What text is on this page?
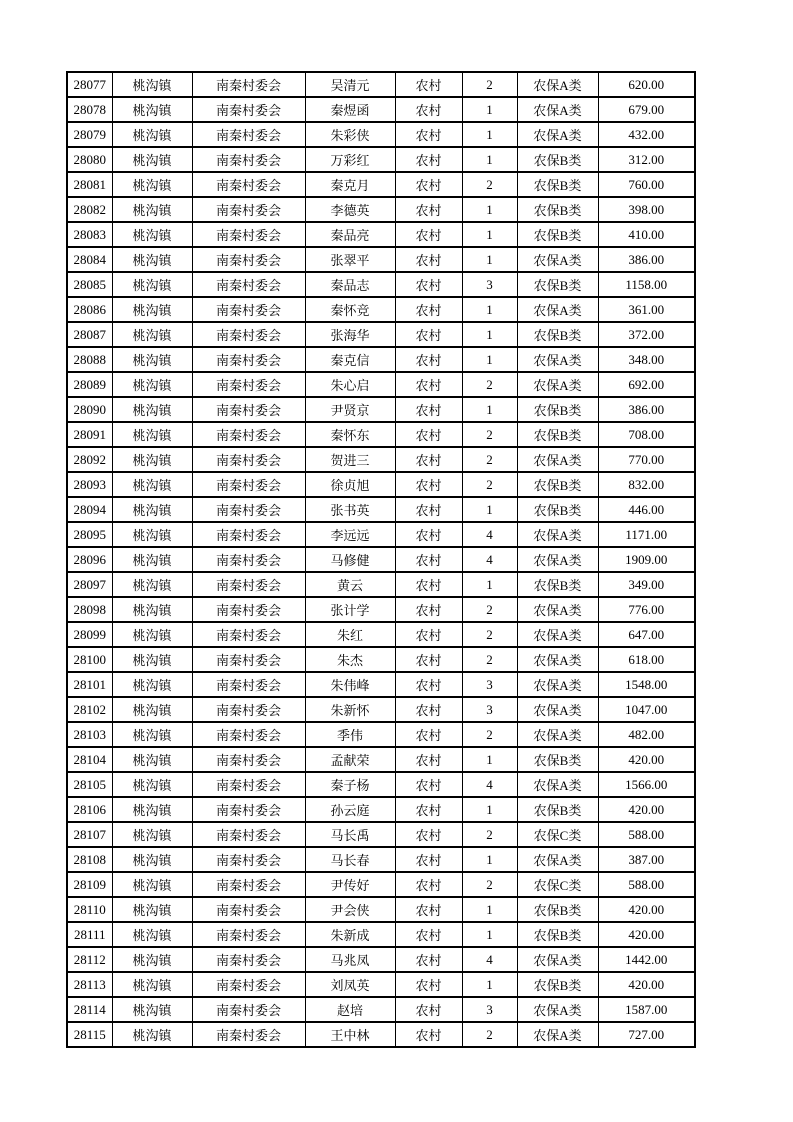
28077	桃沟镇	南秦村委会	吴清元	农村	2	农保A类	620.00
28078	桃沟镇	南秦村委会	秦煜函	农村	1	农保A类	679.00
28079	桃沟镇	南秦村委会	朱彩侠	农村	1	农保A类	432.00
28080	桃沟镇	南秦村委会	万彩红	农村	1	农保B类	312.00
28081	桃沟镇	南秦村委会	秦克月	农村	2	农保B类	760.00
28082	桃沟镇	南秦村委会	李德英	农村	1	农保B类	398.00
28083	桃沟镇	南秦村委会	秦品亮	农村	1	农保B类	410.00
28084	桃沟镇	南秦村委会	张翠平	农村	1	农保A类	386.00
28085	桃沟镇	南秦村委会	秦品志	农村	3	农保B类	1158.00
28086	桃沟镇	南秦村委会	秦怀竞	农村	1	农保A类	361.00
28087	桃沟镇	南秦村委会	张海华	农村	1	农保B类	372.00
28088	桃沟镇	南秦村委会	秦克信	农村	1	农保A类	348.00
28089	桃沟镇	南秦村委会	朱心启	农村	2	农保A类	692.00
28090	桃沟镇	南秦村委会	尹贤京	农村	1	农保B类	386.00
28091	桃沟镇	南秦村委会	秦怀东	农村	2	农保B类	708.00
28092	桃沟镇	南秦村委会	贺进三	农村	2	农保A类	770.00
28093	桃沟镇	南秦村委会	徐贞旭	农村	2	农保B类	832.00
28094	桃沟镇	南秦村委会	张书英	农村	1	农保B类	446.00
28095	桃沟镇	南秦村委会	李远远	农村	4	农保A类	1171.00
28096	桃沟镇	南秦村委会	马修健	农村	4	农保A类	1909.00
28097	桃沟镇	南秦村委会	黄云	农村	1	农保B类	349.00
28098	桃沟镇	南秦村委会	张计学	农村	2	农保A类	776.00
28099	桃沟镇	南秦村委会	朱红	农村	2	农保A类	647.00
28100	桃沟镇	南秦村委会	朱杰	农村	2	农保A类	618.00
28101	桃沟镇	南秦村委会	朱伟峰	农村	3	农保A类	1548.00
28102	桃沟镇	南秦村委会	朱新怀	农村	3	农保A类	1047.00
28103	桃沟镇	南秦村委会	季伟	农村	2	农保A类	482.00
28104	桃沟镇	南秦村委会	孟献荣	农村	1	农保B类	420.00
28105	桃沟镇	南秦村委会	秦子杨	农村	4	农保A类	1566.00
28106	桃沟镇	南秦村委会	孙云庭	农村	1	农保B类	420.00
28107	桃沟镇	南秦村委会	马长禹	农村	2	农保C类	588.00
28108	桃沟镇	南秦村委会	马长春	农村	1	农保A类	387.00
28109	桃沟镇	南秦村委会	尹传好	农村	2	农保C类	588.00
28110	桃沟镇	南秦村委会	尹会侠	农村	1	农保B类	420.00
28111	桃沟镇	南秦村委会	朱新成	农村	1	农保B类	420.00
28112	桃沟镇	南秦村委会	马兆凤	农村	4	农保A类	1442.00
28113	桃沟镇	南秦村委会	刘凤英	农村	1	农保B类	420.00
28114	桃沟镇	南秦村委会	赵培	农村	3	农保A类	1587.00
28115	桃沟镇	南秦村委会	王中林	农村	2	农保A类	727.00
